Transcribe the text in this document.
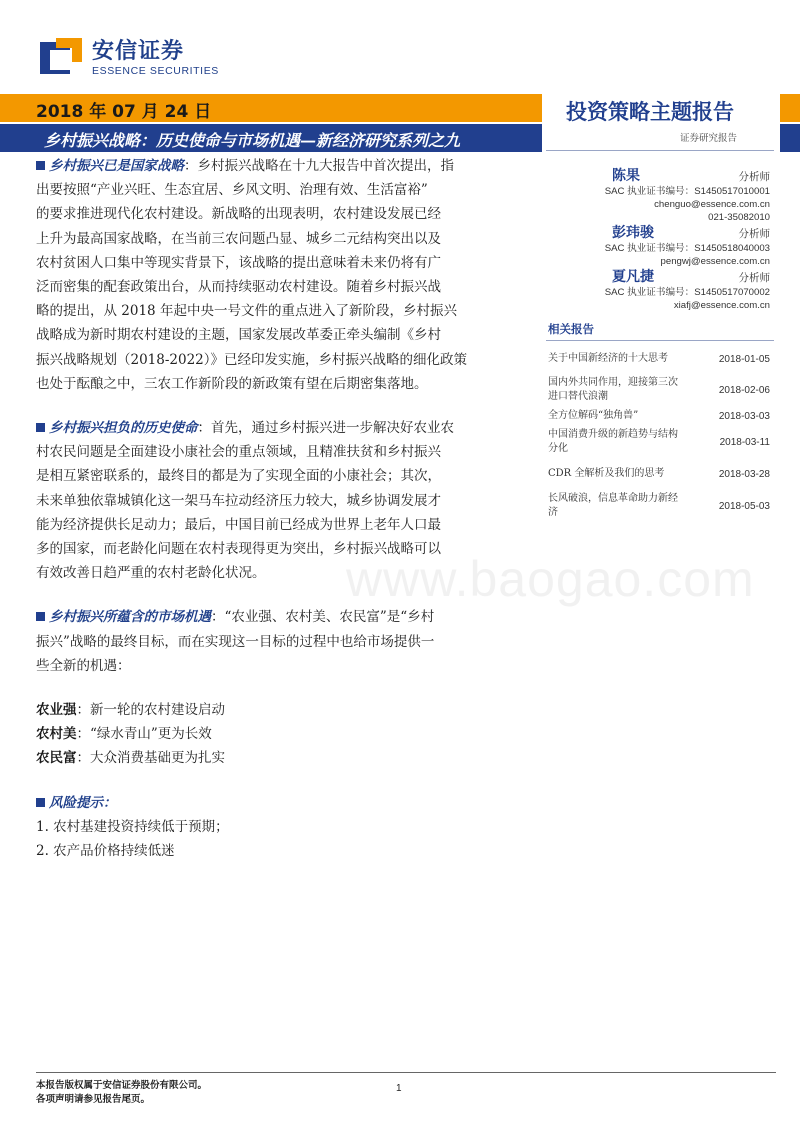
安信证券
ESSENCE SECURITIES
2018 年 07 月 24 日
乡村振兴战略：历史使命与市场机遇—新经济研究系列之九
投资策略主题报告
证券研究报告
乡村振兴已是国家战略：乡村振兴战略在十九大报告中首次提出，指
出要按照“产业兴旺、生态宜居、乡风文明、治理有效、生活富裕”
的要求推进现代化农村建设。新战略的出现表明，农村建设发展已经
上升为最高国家战略，在当前三农问题凸显、城乡二元结构突出以及
农村贫困人口集中等现实背景下，该战略的提出意味着未来仍将有广
泛而密集的配套政策出台，从而持续驱动农村建设。随着乡村振兴战
略的提出，从 2018 年起中央一号文件的重点进入了新阶段，乡村振兴
战略成为新时期农村建设的主题，国家发展改革委正牵头编制《乡村
振兴战略规划（2018-2022）》已经印发实施，乡村振兴战略的细化政策
也处于酝酿之中，三农工作新阶段的新政策有望在后期密集落地。
乡村振兴担负的历史使命：首先，通过乡村振兴进一步解决好农业农
村农民问题是全面建设小康社会的重点领域，且精准扶贫和乡村振兴
是相互紧密联系的，最终目的都是为了实现全面的小康社会；其次，
未来单独依靠城镇化这一架马车拉动经济压力较大，城乡协调发展才
能为经济提供长足动力；最后，中国目前已经成为世界上老年人口最
多的国家，而老龄化问题在农村表现得更为突出，乡村振兴战略可以
有效改善日趋严重的农村老龄化状况。
乡村振兴所蕴含的市场机遇：“农业强、农村美、农民富”是“乡村
振兴”战略的最终目标，而在实现这一目标的过程中也给市场提供一
些全新的机遇：
农业强：新一轮的农村建设启动
农村美：“绿水青山”更为长效
农民富：大众消费基础更为扎实
风险提示：
1. 农村基建投资持续低于预期；
2. 农产品价格持续低迷
陈果	分析师
SAC 执业证书编号：S1450517010001
chenguo@essence.com.cn
021-35082010
彭玮骏	分析师
SAC 执业证书编号：S1450518040003
pengwj@essence.com.cn
夏凡捷	分析师
SAC 执业证书编号：S1450517070002
xiafj@essence.com.cn
相关报告
关于中国新经济的十大思考	2018-01-05
国内外共同作用，迎接第三次进口替代浪潮
2018-02-06
全方位解码“独角兽”	2018-03-03
中国消费升级的新趋势与结构分化
2018-03-11
CDR 全解析及我们的思考	2018-03-28
长风破浪，信息革命助力新经济
2018-05-03
www.baogao.com
本报告版权属于安信证券股份有限公司。
各项声明请参见报告尾页。
1
